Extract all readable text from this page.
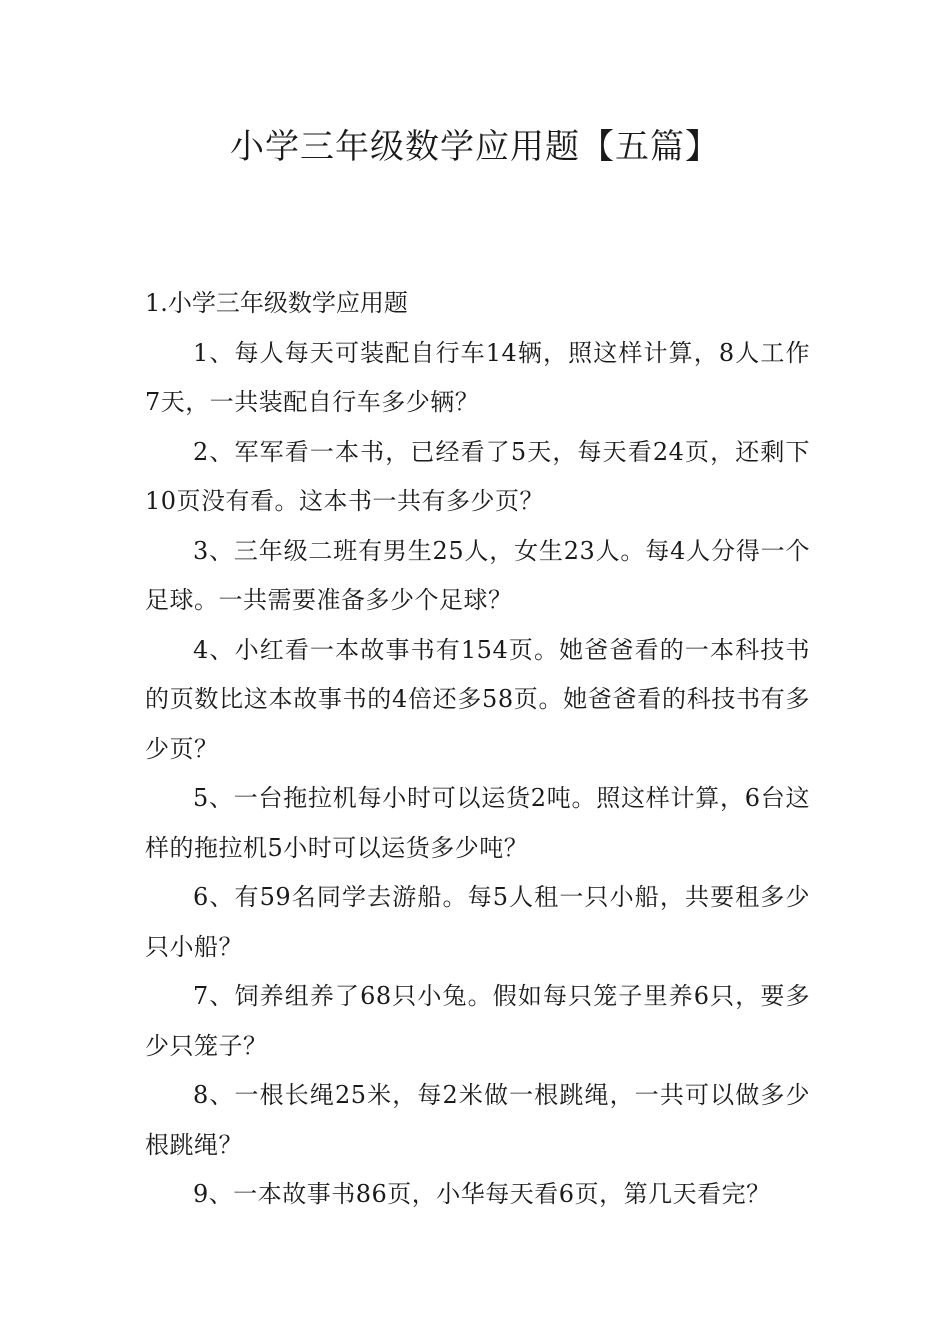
小学三年级数学应用题【五篇】

1.小学三年级数学应用题

1、每人每天可装配自行车14辆，照这样计算，8人工作7天，一共装配自行车多少辆？

2、军军看一本书，已经看了5天，每天看24页，还剩下10页没有看。这本书一共有多少页？

3、三年级二班有男生25人，女生23人。每4人分得一个足球。一共需要准备多少个足球？

4、小红看一本故事书有154页。她爸爸看的一本科技书的页数比这本故事书的4倍还多58页。她爸爸看的科技书有多少页？

5、一台拖拉机每小时可以运货2吨。照这样计算，6台这样的拖拉机5小时可以运货多少吨？

6、有59名同学去游船。每5人租一只小船，共要租多少只小船？

7、饲养组养了68只小兔。假如每只笼子里养6只，要多少只笼子？

8、一根长绳25米，每2米做一根跳绳，一共可以做多少根跳绳？

9、一本故事书86页，小华每天看6页，第几天看完？
